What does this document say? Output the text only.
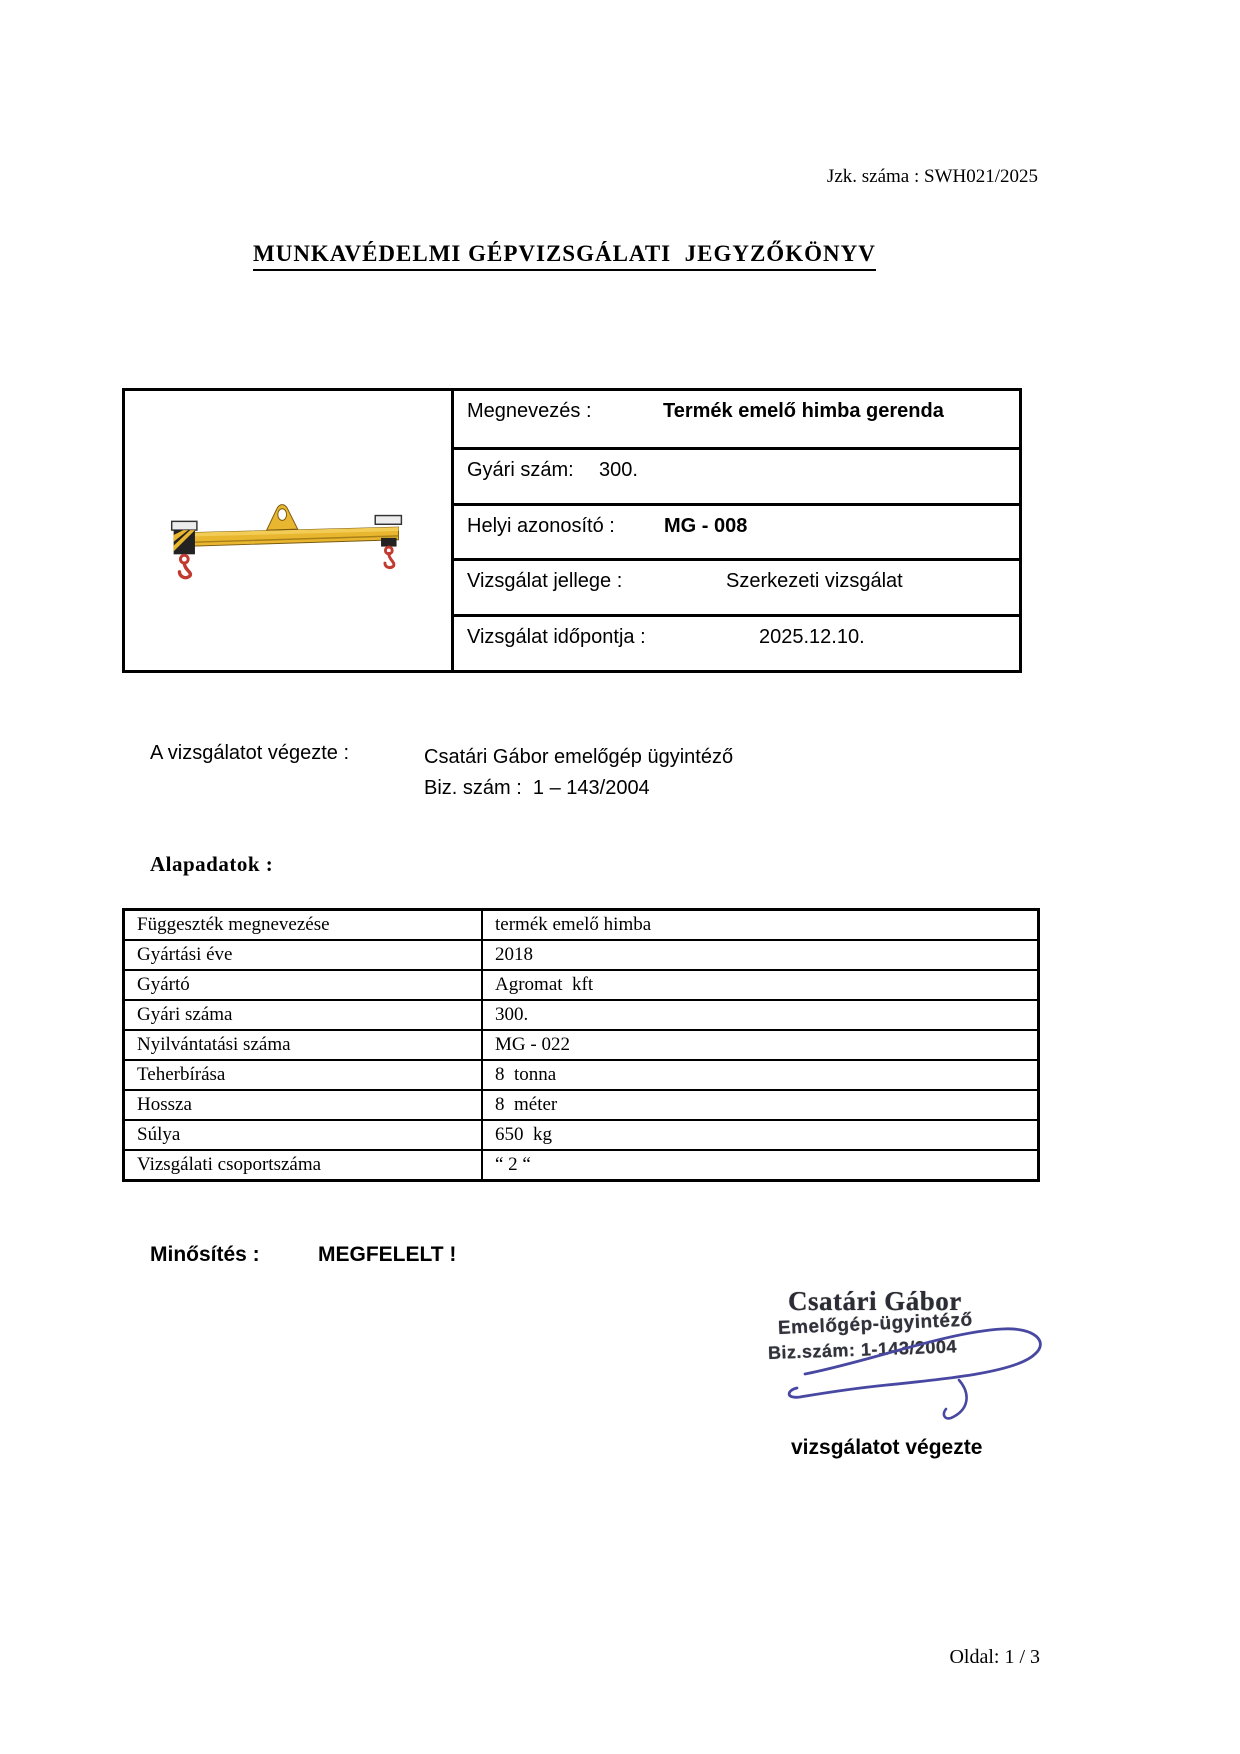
Jzk. száma : SWH021/2025
MUNKAVÉDELMI GÉPVIZSGÁLATI  JEGYZŐKÖNYV
Megnevezés :	Termék emelő himba gerenda
Gyári szám:	300.
Helyi azonosító :	MG - 008
Vizsgálat jellege :	Szerkezeti vizsgálat
Vizsgálat időpontja :	2025.12.10.
A vizsgálatot végezte :	Csatári Gábor emelőgép ügyintéző
Biz. szám :  1 – 143/2004
Alapadatok :
Függeszték megnevezése	termék emelő himba
Gyártási éve	2018
Gyártó	Agromat  kft
Gyári száma	300.
Nyilvántatási száma	MG - 022
Teherbírása	8  tonna
Hossza	8  méter
Súlya	650  kg
Vizsgálati csoportszáma	“ 2 “
Minősítés :	MEGFELELT !
Csatári Gábor
Emelőgép-ügyintéző
Biz.szám: 1-143/2004
vizsgálatot végezte
Oldal: 1 / 3
